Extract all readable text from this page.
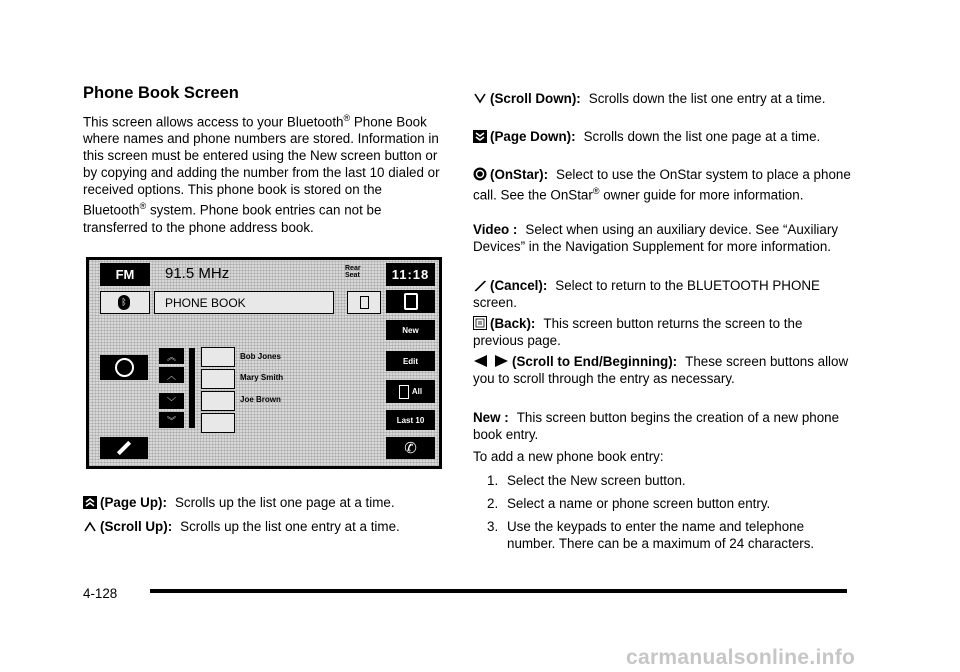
Phone Book Screen

This screen allows access to your Bluetooth® Phone Book where names and phone numbers are stored. Information in this screen must be entered using the New screen button or by copying and adding the number from the last 10 dialed or received options. This phone book is stored on the Bluetooth® system. Phone book entries can not be transferred to the phone address book.

FM	91.5 MHz	Rear
Seat	11:18
ᛒ	PHONE BOOK
New
︽
︿
﹀
︾
Bob Jones
Mary Smith
Joe Brown
Edit
All
Last 10
✆

(Page Up): Scrolls up the list one page at a time.

(Scroll Up): Scrolls up the list one entry at a time.

(Scroll Down): Scrolls down the list one entry at a time.

(Page Down): Scrolls down the list one page at a time.

(OnStar): Select to use the OnStar system to place a phone call. See the OnStar® owner guide for more information.

Video : Select when using an auxiliary device. See “Auxiliary Devices” in the Navigation Supplement for more information.

(Cancel): Select to return to the BLUETOOTH PHONE screen.

(Back): This screen button returns the screen to the previous page.

(Scroll to End/Beginning): These screen buttons allow you to scroll through the entry as necessary.

New : This screen button begins the creation of a new phone book entry.

To add a new phone book entry:

1. Select the New screen button.

2. Select a name or phone screen button entry.

3. Use the keypads to enter the name and telephone number. There can be a maximum of 24 characters.

4-128
carmanualsonline.info
